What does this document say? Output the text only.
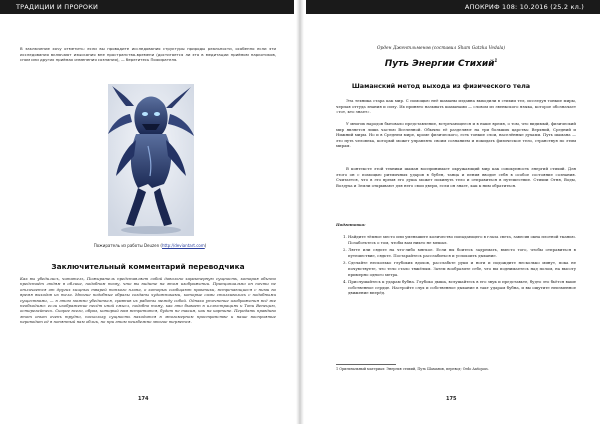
ТРАДИЦИИ И ПРОРОКИ
В заключение хочу отметить: если вы проводите исследования структуры природы реальности, особенно если эти исследования включают изыскания вне пространства-времени (достигается ли это в медитации приёмом наркотиков, сном или других приёмах изменения сознания), — берегитесь Пожирателя.
Пожиратель из работы Deuzen (http://deviantart.com)
Заключительный комментарий переводчика
Как вы убедились, читатель, Пожиратель представляет собой довольно характерную сущность, которая обычно предстаёт людям в облике, подобном тому, что вы видите на этом изображении. Принципиально он почти не отличается от других хищных тварей тонкого плана, о которых сообщают практики, встречающиеся с ними во время выходов из тела. Многие подобные образы созданы художниками, которые сами сталкивались с подобными существами, — в этом можно убедиться, сравнив их работы между собой. Однако уточнение изображения всё же необходимо: если изображение несёт иной смысл, подобно тому, как это бывает в иллюстрациях к Тони Венецию, остерегайтесь. Скорее всего, образ, который вам встретится, будет не таким, как на картине. Передать правдиво этот опыт очень трудно, поскольку сущность находится в многомерном пространстве и наше восприятие переводит её в понятный нам облик, но при этом неизбежно многое теряется.
174
АПОКРИФ 108: 10.2016 (25.2 кл.)
Орден Джентльменов (составил Sham Gatzka Vedala)
Путь Энергии Стихий$^1$
Шаманский метод выхода из физического тела
Эта техника стара как мир. С помощью неё шаманы издавна выходили в стихии тел, исследуя тонкие миры, черпая оттуда знания и силу. Их принято называть шаманами — словом из эвенкского языка, которое обозначает «тот, кто знает».
У многих народов бытовало представление, встречающееся и в наше время, о том, что видимый, физический мир является лишь частью Вселенной. Обычно её разделяют на три больших царства: Верхний, Средний и Нижний миры. Но и в Среднем мире, кроме физического, есть тонкие слои, населённые духами. Путь шамана — это путь человека, который может управлять своим сознанием и покидать физическое тело, странствуя по этим мирам.
В контексте этой техники шаман воспринимает окружающий мир как совокупность энергий стихий. Для этого он с помощью ритмичных ударов в бубен, танца и пения вводит себя в особое состояние сознания. Считается, что в это время его душа может покинуть тело и отправиться в путешествие. Стихии Огня, Воды, Воздуха и Земли открывают для него свои двери, если он знает, как к ним обратиться.
Подготовка:
1. Найдите тёмное место или уменьшите количество попадающего в глаза света, завесив окна плотной тканью. Позаботьтесь о том, чтобы вам никто не мешал.
2. Лягте или сядьте на что-либо мягкое. Если вы боитесь задремать, вместо того, чтобы отправиться в путешествие, сядьте. Постарайтесь расслабиться и успокоить дыхание.
3. Сделайте несколько глубоких вдохов, расслабьте руки и ноги и подождите несколько минут, пока не почувствуете, что тело стало тяжёлым. Затем вообразите себе, что вы поднимаетесь над полом, на высоту примерно одного метра.
4. Прислушайтесь к ударам бубна. Глубоко дыша, вслушайтесь в его звук и представьте, будто это бьётся ваше собственное сердце. Настройте слух и собственное дыхание в такт ударам бубна, и вы ощутите неизменное движение вперёд.
1 Оригинальный материал: Энергия стихий, Путь Шаманов, перевод: Ordo Antiquus.
175
